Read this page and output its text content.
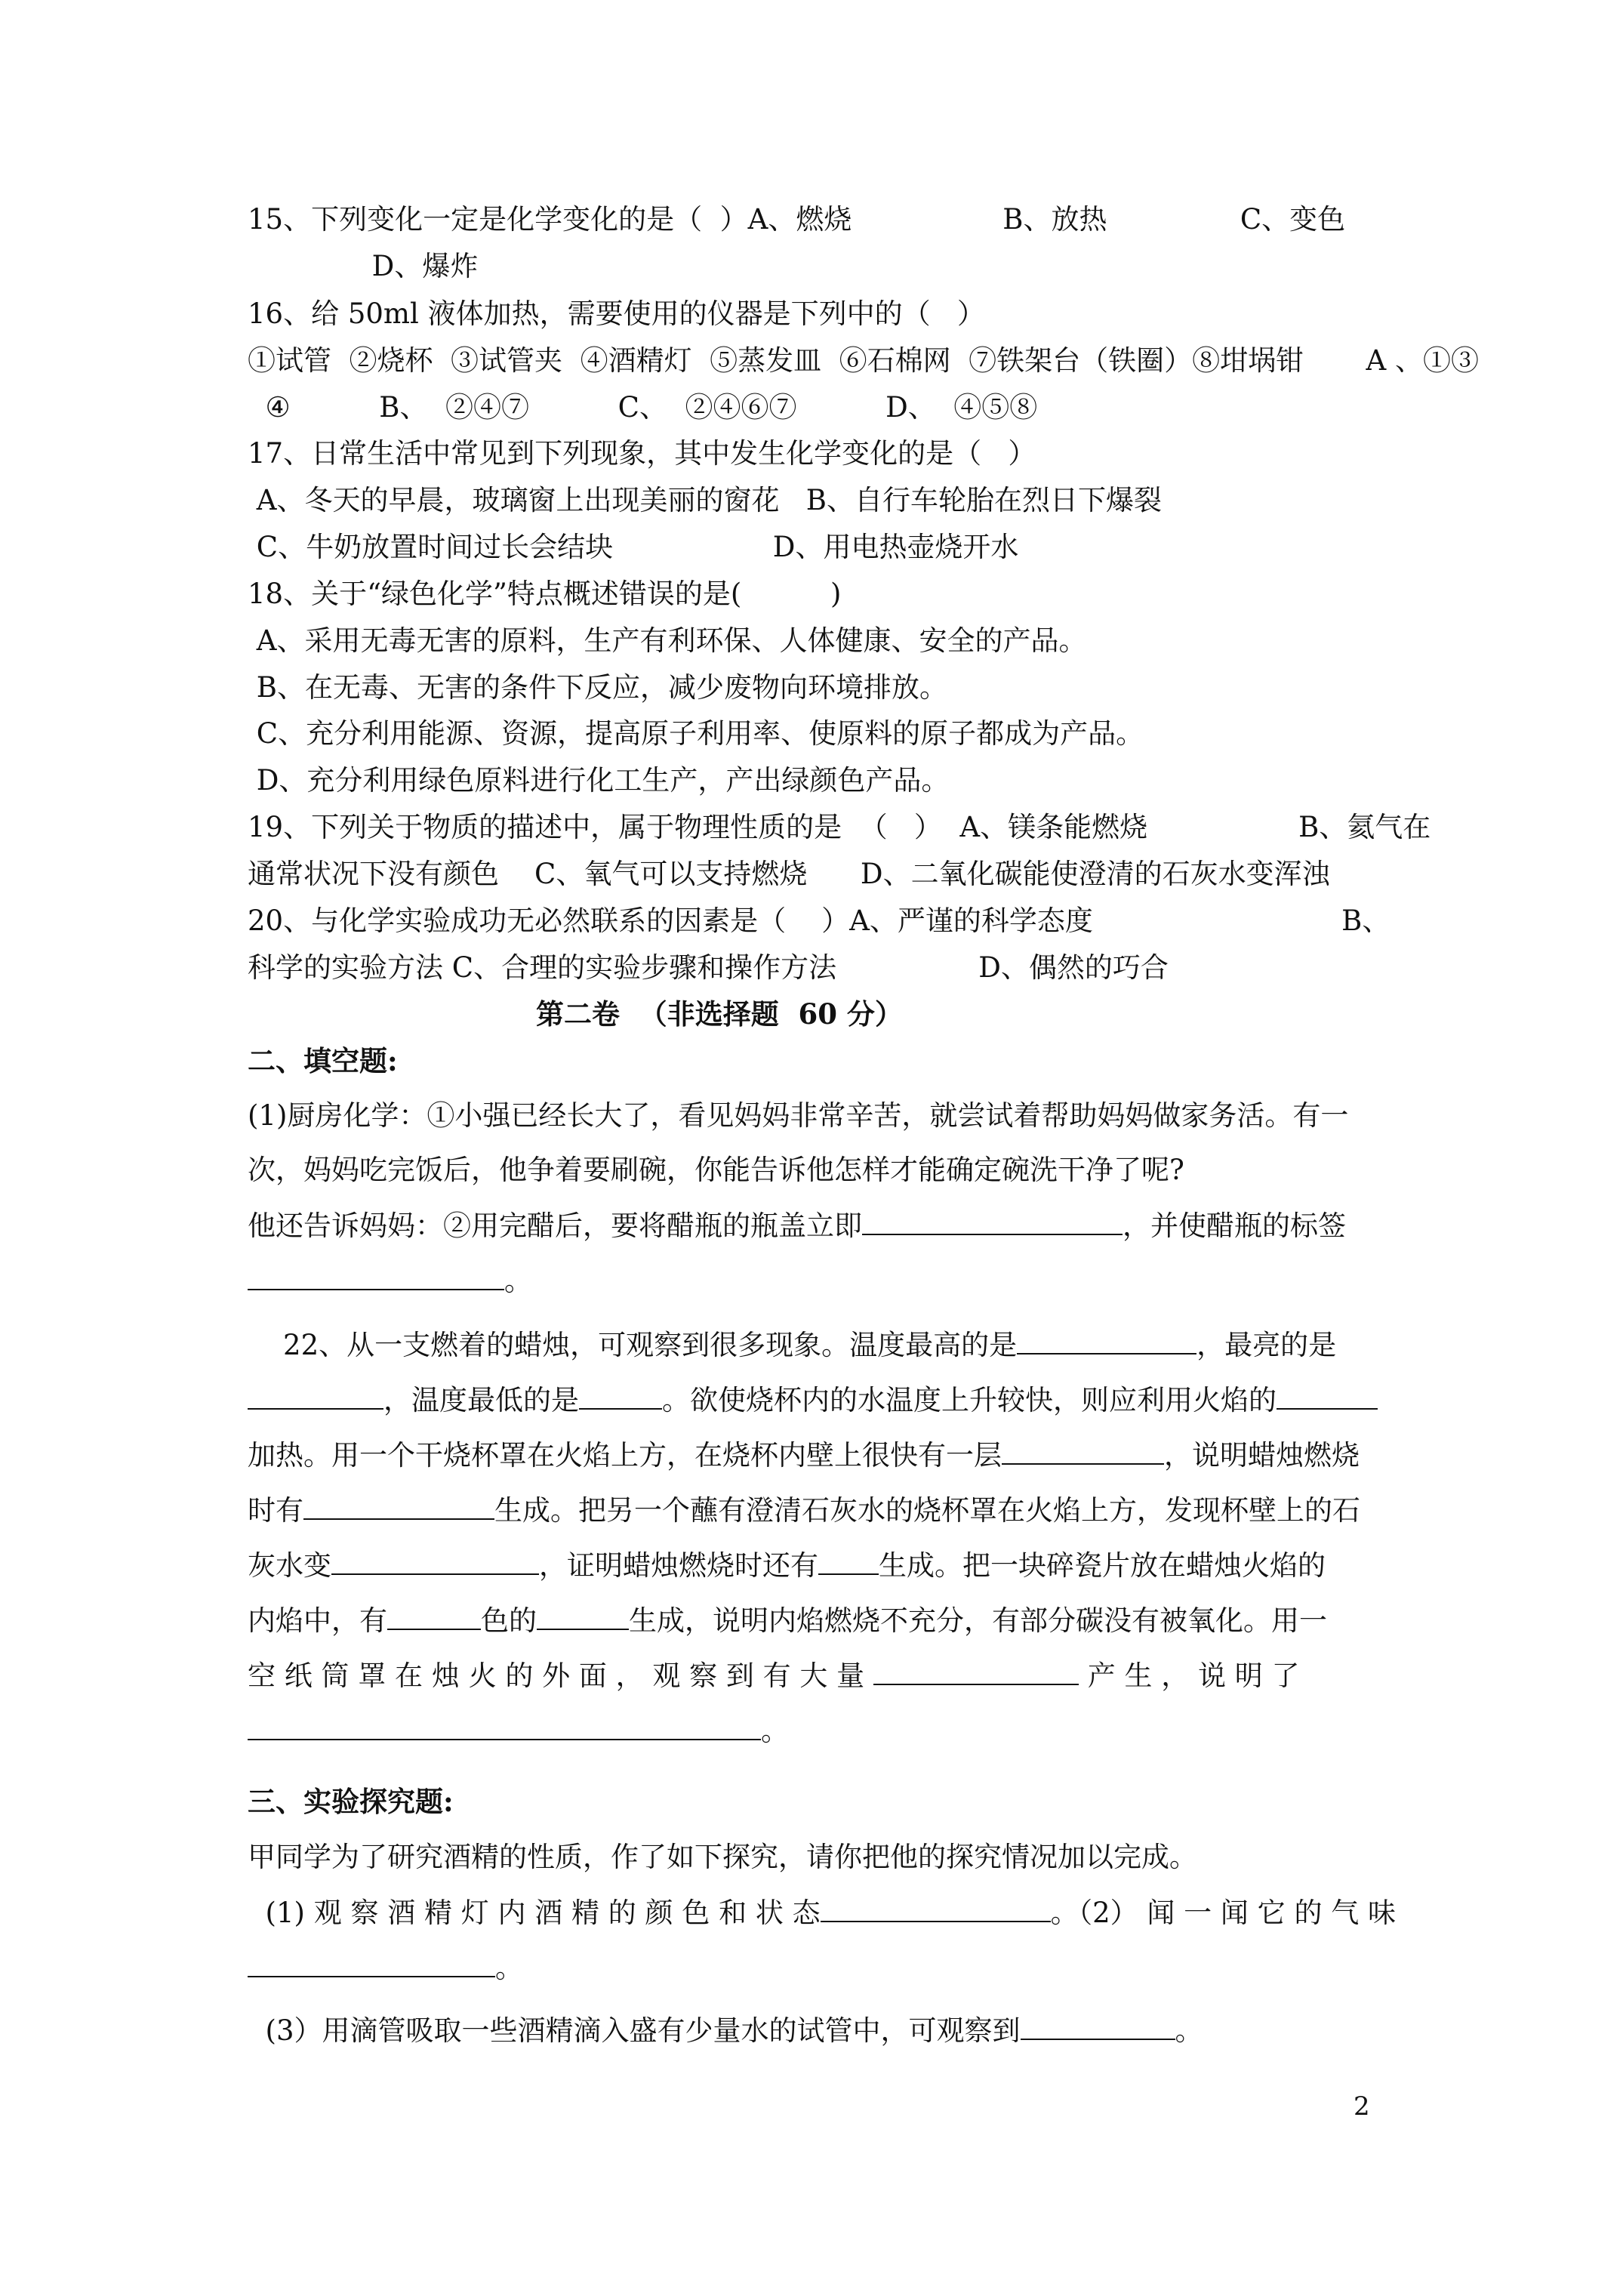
15、下列变化一定是化学变化的是（  ）A、燃烧                 B、放热               C、变色
D、爆炸
16、给 50ml 液体加热，需要使用的仪器是下列中的（   ）
①试管  ②烧杯  ③试管夹  ④酒精灯  ⑤蒸发皿  ⑥石棉网  ⑦铁架台（铁圈）⑧坩埚钳       A 、①③
④          B、  ②④⑦          C、  ②④⑥⑦          D、  ④⑤⑧
17、日常生活中常见到下列现象，其中发生化学变化的是（   ）
A、冬天的早晨，玻璃窗上出现美丽的窗花   B、自行车轮胎在烈日下爆裂
C、牛奶放置时间过长会结块                  D、用电热壶烧开水
18、关于“绿色化学”特点概述错误的是(          )
A、采用无毒无害的原料，生产有利环保、人体健康、安全的产品。
B、在无毒、无害的条件下反应，减少废物向环境排放。
C、充分利用能源、资源，提高原子利用率、使原料的原子都成为产品。
D、充分利用绿色原料进行化工生产，产出绿颜色产品。
19、下列关于物质的描述中，属于物理性质的是  （   ）  A、镁条能燃烧                 B、氦气在
通常状况下没有颜色    C、氧气可以支持燃烧      D、二氧化碳能使澄清的石灰水变浑浊
20、与化学实验成功无必然联系的因素是（    ）A、严谨的科学态度                            B、
科学的实验方法 C、合理的实验步骤和操作方法                D、偶然的巧合
第二卷  （非选择题  60 分）
二、填空题:
(1)厨房化学：①小强已经长大了，看见妈妈非常辛苦，就尝试着帮助妈妈做家务活。有一
次，妈妈吃完饭后，他争着要刷碗，你能告诉他怎样才能确定碗洗干净了呢?
他还告诉妈妈：②用完醋后，要将醋瓶的瓶盖立即	，并使醋瓶的标签
。
22、从一支燃着的蜡烛，可观察到很多现象。温度最高的是	，最亮的是
，温度最低的是	。欲使烧杯内的水温度上升较快，则应利用火焰的
加热。用一个干烧杯罩在火焰上方，在烧杯内壁上很快有一层	，说明蜡烛燃烧
时有	生成。把另一个蘸有澄清石灰水的烧杯罩在火焰上方，发现杯壁上的石
灰水变	，证明蜡烛燃烧时还有 生成。把一块碎瓷片放在蜡烛火焰的
内焰中，有	色的	生成，说明内焰燃烧不充分，有部分碳没有被氧化。用一
空 纸 筒 罩 在 烛 火 的 外 面 ， 观 察 到 有 大 量	产 生 ， 说 明 了
。
三、实验探究题:
甲同学为了研究酒精的性质，作了如下探究，请你把他的探究情况加以完成。
(1) 观 察 酒 精 灯 内 酒 精 的 颜 色 和 状 态	。（2） 闻 一 闻 它 的 气 味
。
(3）用滴管吸取一些酒精滴入盛有少量水的试管中，可观察到	。
2
